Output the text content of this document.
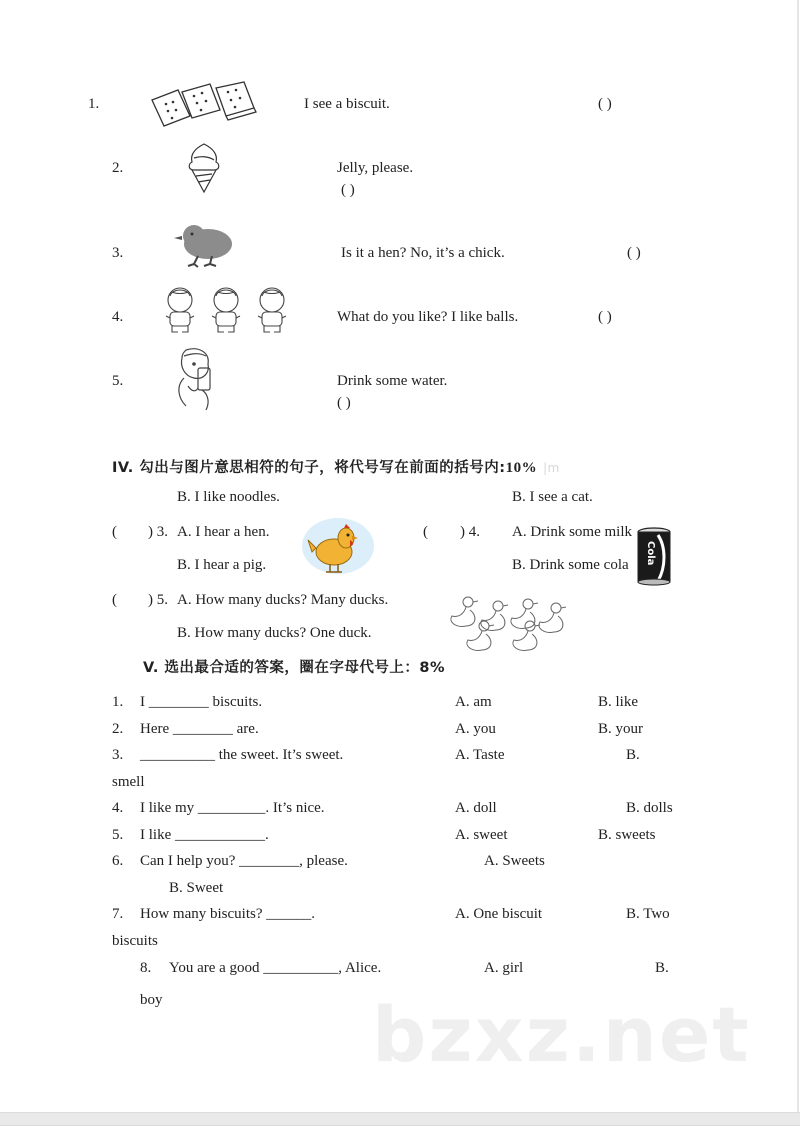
1.	I see a biscuit.	( )
2.	Jelly, please.
( )
3.	Is it a hen? No, it’s a chick.	( )
4.	What do you like? I like balls.	( )
5.	Drink some water.
( )
IV. 勾出与图片意思相符的句子，将代号写在前面的括号内:10% |m
B. I like noodles.	B. I see a cat.
( ) 3. A. I hear a hen.
B. I hear a pig.
( ) 4. A. Drink some milk
B. Drink some cola Cola
( ) 5. A. How many ducks? Many ducks.
B. How many ducks? One duck.
V. 选出最合适的答案，圈在字母代号上：8%
1. I ________ biscuits.	A. am	B. like
2. Here ________ are.	A. you	B. your
3. __________ the sweet. It’s sweet.	A. Taste	B.
smell
4. I like my _________. It’s nice.	A. doll	B. dolls
5. I like ____________.	A. sweet	B. sweets
6. Can I help you? ________, please.	A. Sweets
B. Sweet
7. How many biscuits? ______.	A. One biscuit	B. Two
biscuits
8. You are a good __________, Alice.	A. girl	B.
boy	bzxz.net
